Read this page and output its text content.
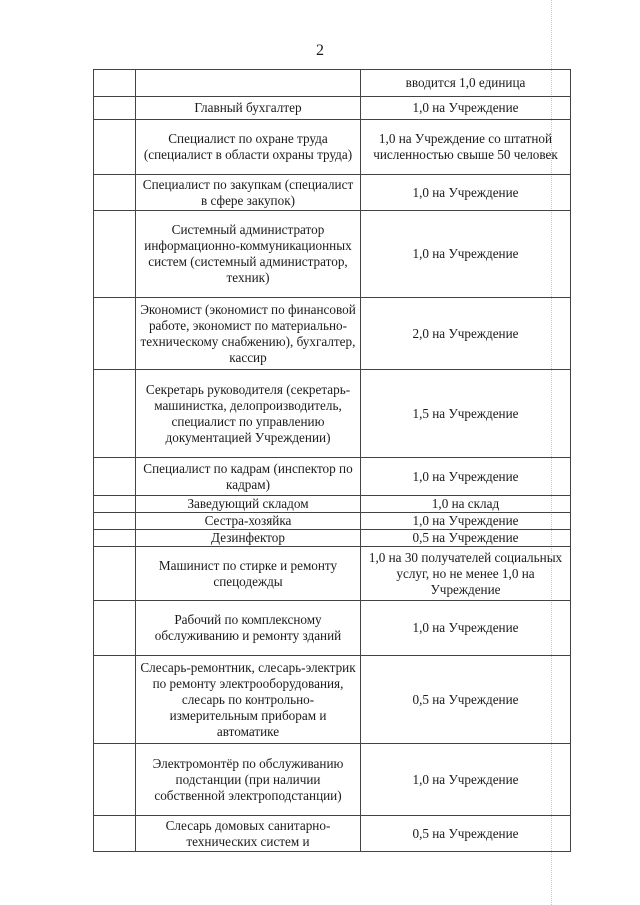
2
		вводится 1,0 единица
	Главный бухгалтер	1,0 на Учреждение
	Специалист по охране труда (специалист в области охраны труда)	1,0 на Учреждение со штатной численностью свыше 50 человек
	Специалист по закупкам (специалист в сфере закупок)	1,0 на Учреждение
	Системный администратор информационно-коммуникационных систем (системный администратор, техник)	1,0 на Учреждение
	Экономист (экономист по финансовой работе, экономист по материально-техническому снабжению), бухгалтер, кассир	2,0 на Учреждение
	Секретарь руководителя (секретарь-машинистка, делопроизводитель, специалист по управлению документацией Учреждении)	1,5 на Учреждение
	Специалист по кадрам (инспектор по кадрам)	1,0 на Учреждение
	Заведующий складом	1,0 на склад
	Сестра-хозяйка	1,0 на Учреждение
	Дезинфектор	0,5 на Учреждение
	Машинист по стирке и ремонту спецодежды	1,0 на 30 получателей социальных услуг, но не менее 1,0 на Учреждение
	Рабочий по комплексному обслуживанию и ремонту зданий	1,0 на Учреждение
	Слесарь-ремонтник, слесарь-электрик по ремонту электрооборудования, слесарь по контрольно-измерительным приборам и автоматике	0,5 на Учреждение
	Электромонтёр по обслуживанию подстанции (при наличии собственной электроподстанции)	1,0 на Учреждение
	Слесарь домовых санитарно-технических систем и	0,5 на Учреждение
